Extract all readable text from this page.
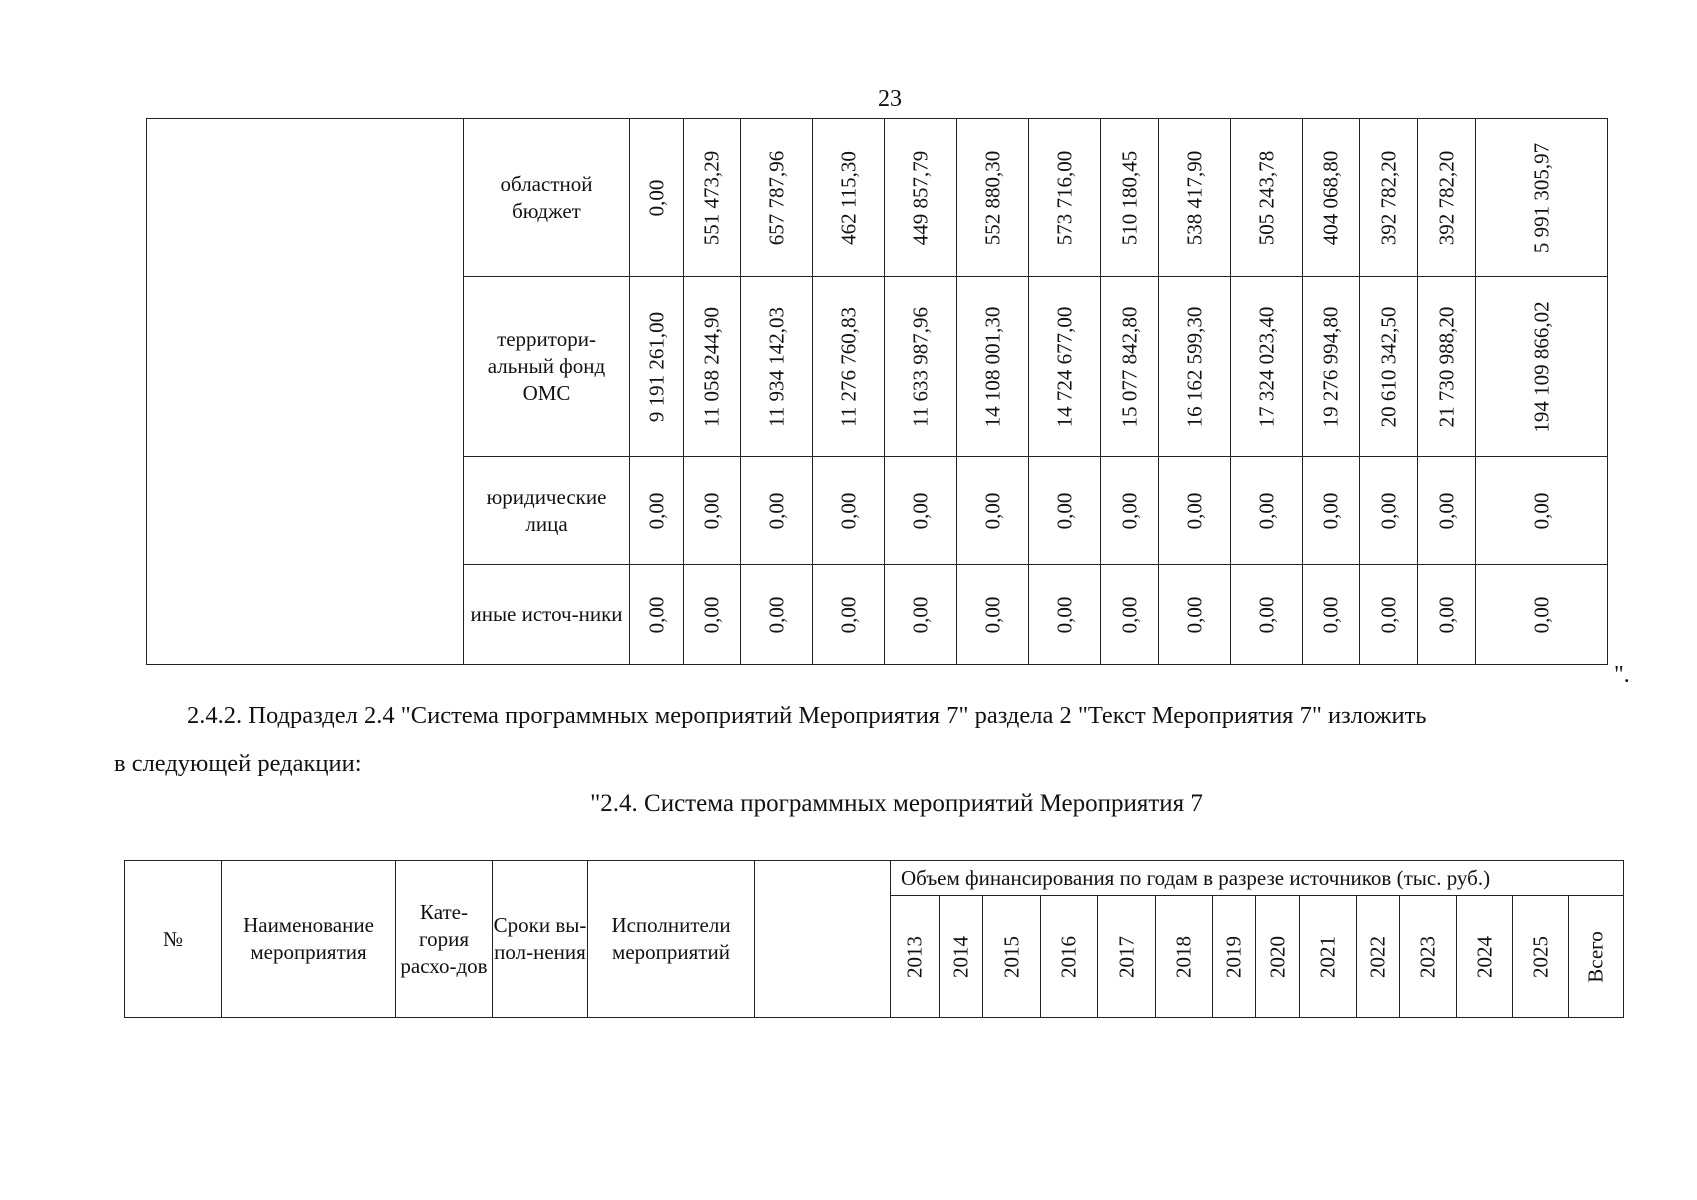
23
	областной бюджет	0,00	551 473,29	657 787,96	462 115,30	449 857,79	552 880,30	573 716,00	510 180,45	538 417,90	505 243,78	404 068,80	392 782,20	392 782,20	5 991 305,97

	территори-альный фонд ОМС	9 191 261,00	11 058 244,90	11 934 142,03	11 276 760,83	11 633 987,96	14 108 001,30	14 724 677,00	15 077 842,80	16 162 599,30	17 324 023,40	19 276 994,80	20 610 342,50	21 730 988,20	194 109 866,02

	юридические лица	0,00	0,00	0,00	0,00	0,00	0,00	0,00	0,00	0,00	0,00	0,00	0,00	0,00	0,00

	иные источ-ники	0,00	0,00	0,00	0,00	0,00	0,00	0,00	0,00	0,00	0,00	0,00	0,00	0,00	0,00
".
2.4.2. Подраздел 2.4 "Система программных мероприятий Мероприятия 7" раздела 2 "Текст Мероприятия 7" изложить
в следующей редакции:
"2.4. Система программных мероприятий Мероприятия 7
№	Наименование мероприятия	Кате-гория расхо-дов	Сроки вы-пол-нения	Исполнители мероприятий		Объем финансирования по годам в разрезе источников (тыс. руб.)													

						2013	2014	2015	2016	2017	2018	2019	2020	2021	2022	2023	2024	2025	Всего
